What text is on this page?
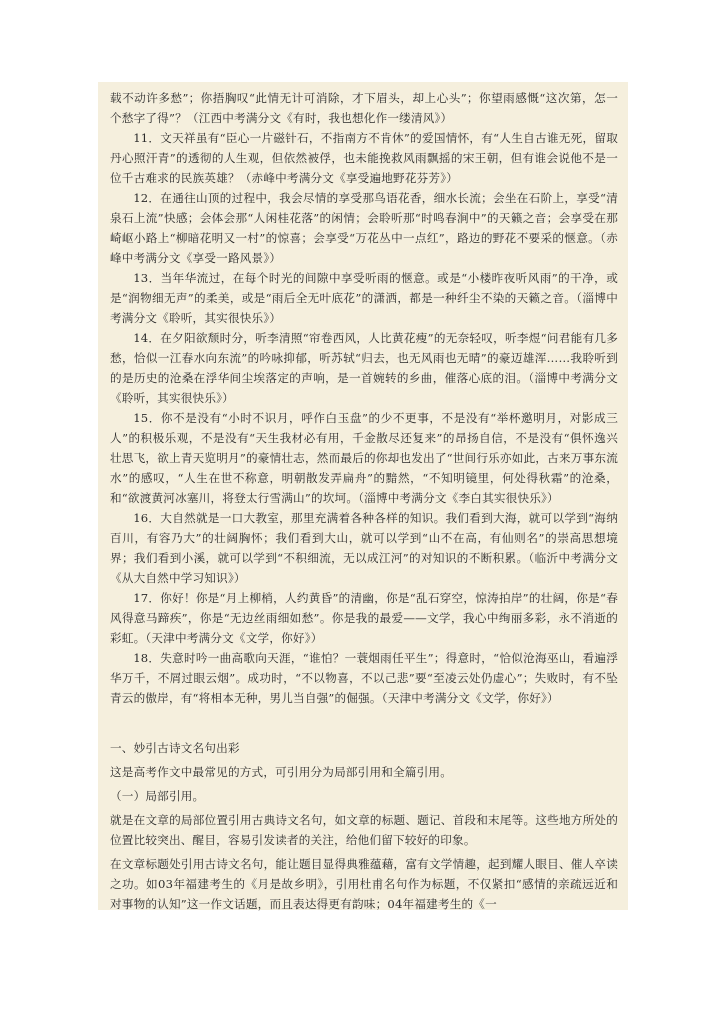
载不动许多愁”；你捂胸叹“此情无计可消除，才下眉头，却上心头”；你望雨感慨“这次第，怎一个愁字了得”？（江西中考满分文《有时，我也想化作一缕清风》）

11．文天祥虽有“臣心一片磁针石，不指南方不肯休”的爱国情怀，有“人生自古谁无死，留取丹心照汗青”的透彻的人生观，但依然被俘，也未能挽救风雨飘摇的宋王朝，但有谁会说他不是一位千古难求的民族英雄？（赤峰中考满分文《享受遍地野花芬芳》）

12．在通往山顶的过程中，我会尽情的享受那鸟语花香，细水长流；会坐在石阶上，享受“清泉石上流”快感；会体会那“人闲桂花落”的闲情；会聆听那“时鸣春涧中”的天籁之音；会享受在那崎岖小路上“柳暗花明又一村”的惊喜；会享受“万花丛中一点红”，路边的野花不要采的惬意。（赤峰中考满分文《享受一路风景》）

13．当年华流过，在每个时光的间隙中享受听雨的惬意。或是“小楼昨夜听风雨”的干净，或是“润物细无声”的柔美，或是“雨后全无叶底花”的潇洒，都是一种纤尘不染的天籁之音。（淄博中考满分文《聆听，其实很快乐》）

14．在夕阳欲颓时分，听李清照“帘卷西风，人比黄花瘦”的无奈轻叹，听李煜“问君能有几多愁，恰似一江春水向东流”的吟咏抑郁，听苏轼“归去，也无风雨也无晴”的豪迈雄浑……我聆听到的是历史的沧桑在浮华间尘埃落定的声响，是一首婉转的乡曲，催落心底的泪。（淄博中考满分文《聆听，其实很快乐》）

15．你不是没有“小时不识月，呼作白玉盘”的少不更事，不是没有“举杯邀明月，对影成三人”的积极乐观，不是没有“天生我材必有用，千金散尽还复来”的昂扬自信，不是没有“俱怀逸兴壮思飞，欲上青天览明月”的豪情壮志，然而最后的你却也发出了“世间行乐亦如此，古来万事东流水”的感叹，“人生在世不称意，明朝散发弄扁舟”的黯然，“不知明镜里，何处得秋霜”的沧桑，和“欲渡黄河冰塞川，将登太行雪满山”的坎坷。（淄博中考满分文《李白其实很快乐》）

16．大自然就是一口大教室，那里充满着各种各样的知识。我们看到大海，就可以学到“海纳百川，有容乃大”的壮阔胸怀；我们看到大山，就可以学到“山不在高，有仙则名”的崇高思想境界；我们看到小溪，就可以学到“不积细流，无以成江河”的对知识的不断积累。（临沂中考满分文《从大自然中学习知识》）

17．你好！你是“月上柳梢，人约黄昏”的清幽，你是“乱石穿空，惊涛拍岸”的壮阔，你是“春风得意马蹄疾”，你是“无边丝雨细如愁”。你是我的最爱——文学，我心中绚丽多彩，永不消逝的彩虹。（天津中考满分文《文学，你好》）

18．失意时吟一曲高歌向天涯，“谁怕？一蓑烟雨任平生”；得意时，“恰似沧海巫山，看遍浮华万千，不屑过眼云烟”。成功时，“不以物喜，不以己悲”要“至凌云处仍虚心”；失败时，有不坠青云的傲岸，有“将相本无种，男儿当自强”的倔强。（天津中考满分文《文学，你好》）

一、妙引古诗文名句出彩

这是高考作文中最常见的方式，可引用分为局部引用和全篇引用。

（一）局部引用。

就是在文章的局部位置引用古典诗文名句，如文章的标题、题记、首段和末尾等。这些地方所处的位置比较突出、醒目，容易引发读者的关注，给他们留下较好的印象。

在文章标题处引用古诗文名句，能让题目显得典雅蕴藉，富有文学情趣，起到耀人眼目、催人卒读之功。如03年福建考生的《月是故乡明》，引用杜甫名句作为标题，不仅紧扣“感情的亲疏远近和对事物的认知”这一作文话题，而且表达得更有韵味；04年福建考生的《一
